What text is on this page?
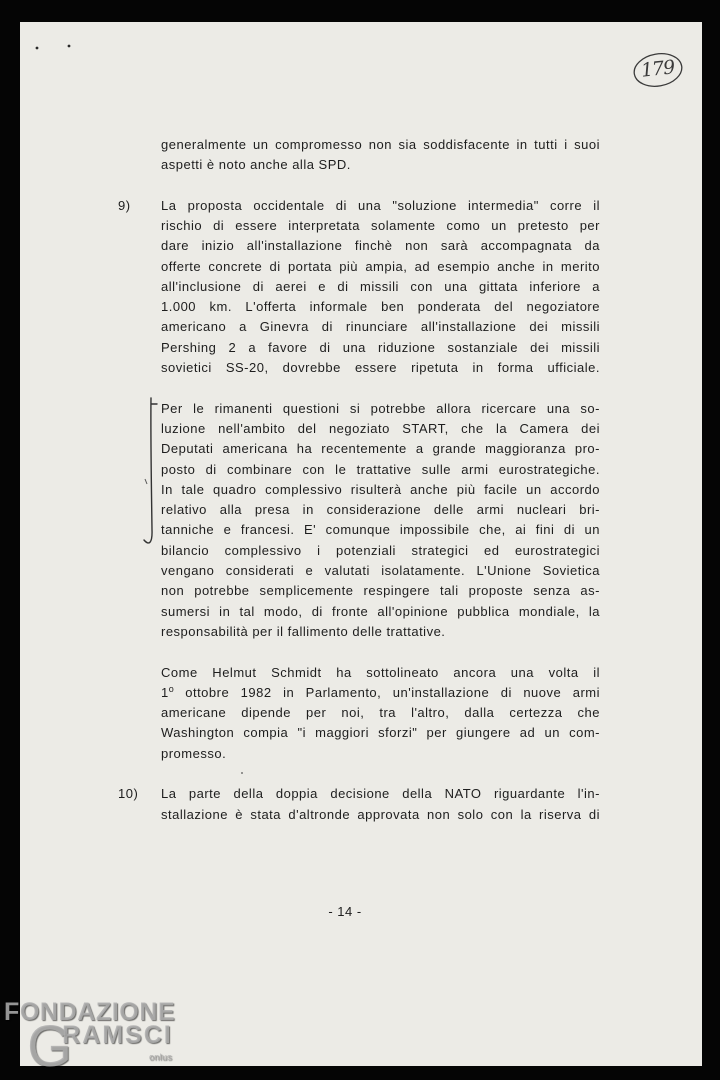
179
generalmente un compromesso non sia soddisfacente in tutti i suoi
aspetti è noto anche alla SPD.
9) La proposta occidentale di una "soluzione intermedia" corre il
rischio di essere interpretata solamente como un pretesto per
dare inizio all'installazione finchè non sarà accompagnata da
offerte concrete di portata più ampia, ad esempio anche in merito
all'inclusione di aerei e di missili con una gittata inferiore a
1.000 km. L'offerta informale ben ponderata del negoziatore
americano a Ginevra di rinunciare all'installazione dei missili
Pershing 2 a favore di una riduzione sostanziale dei missili
sovietici SS-20, dovrebbe essere ripetuta in forma ufficiale.
Per le rimanenti questioni si potrebbe allora ricercare una so-
luzione nell'ambito del negoziato START, che la Camera dei
Deputati americana ha recentemente a grande maggioranza pro-
posto di combinare con le trattative sulle armi eurostrategiche.
In tale quadro complessivo risulterà anche più facile un accordo
relativo alla presa in considerazione delle armi nucleari bri-
tanniche e francesi. E' comunque impossibile che, ai fini di un
bilancio complessivo i potenziali strategici ed eurostrategici
vengano considerati e valutati isolatamente. L'Unione Sovietica
non potrebbe semplicemente respingere tali proposte senza as-
sumersi in tal modo, di fronte all'opinione pubblica mondiale, la
responsabilità per il fallimento delle trattative.
Come Helmut Schmidt ha sottolineato ancora una volta il
1$^o$ ottobre 1982 in Parlamento, un'installazione di nuove armi
americane dipende per noi, tra l'altro, dalla certezza che
Washington compia "i maggiori sforzi" per giungere ad un com-
promesso.
10) La parte della doppia decisione della NATO riguardante l'in-
stallazione è stata d'altronde approvata non solo con la riserva di
- 14 -
FONDAZIONE
GRAMSCI
onlus
